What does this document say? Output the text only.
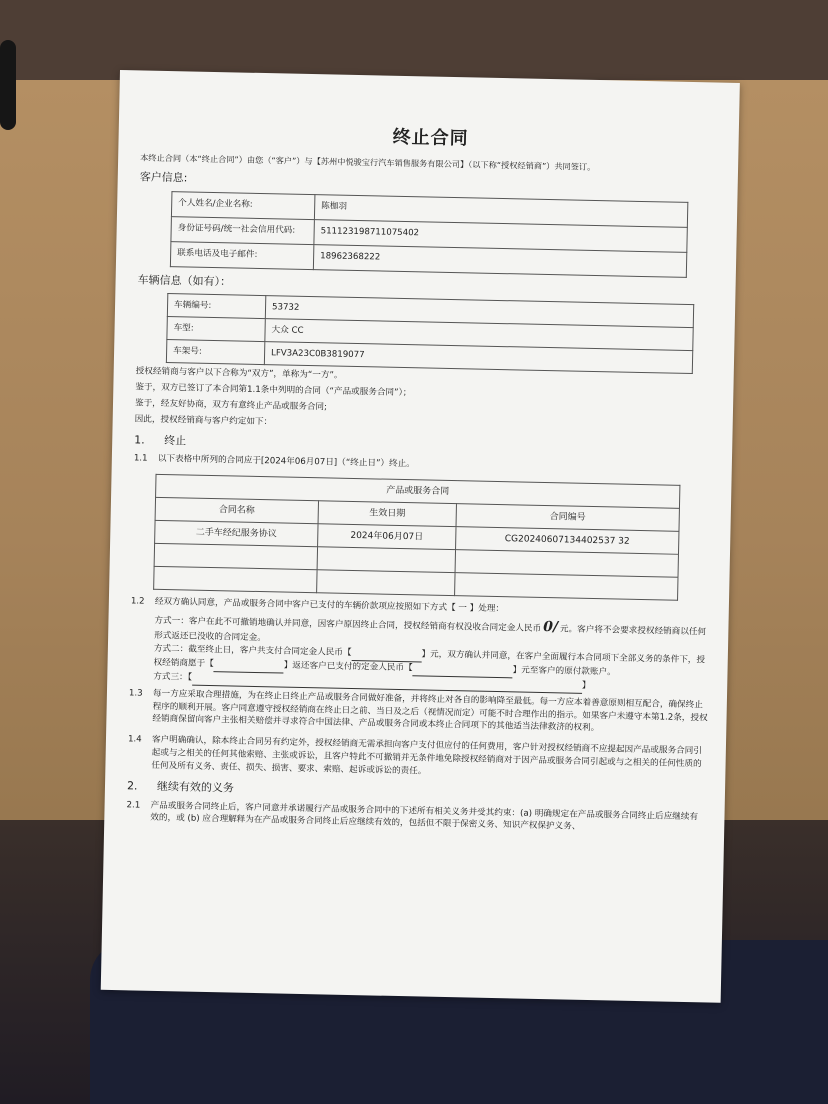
终止合同

本终止合同（本“终止合同”）由您（“客户”）与【苏州中悦骏宝行汽车销售服务有限公司】（以下称“授权经销商”）共同签订。

客户信息:
个人姓名/企业名称:	陈枷羽
身份证号码/统一社会信用代码:	511123198711075402
联系电话及电子邮件:	18962368222
车辆信息（如有）：
车辆编号:	53732
车型:	大众 CC
车架号:	LFV3A23C0B3819077

授权经销商与客户以下合称为“双方”，单称为“一方”。

鉴于，双方已签订了本合同第1.1条中列明的合同（“产品或服务合同”）；

鉴于，经友好协商，双方有意终止产品或服务合同;

因此，授权经销商与客户约定如下：

1. 终止
1.1	以下表格中所列的合同应于[2024年06月07日]（“终止日”）终止。
产品或服务合同		
合同名称	生效日期	合同编号
二手车经纪服务协议	2024年06月07日	CG20240607134402537 32

1.2	经双方确认同意，产品或服务合同中客户已支付的车辆价款项应按照如下方式【 一 】处理：
方式一：客户在此不可撤销地确认并同意，因客户原因终止合同，授权经销商有权没收合同定金人民币 0/ 元。客户将不会要求授权经销商以任何形式返还已没收的合同定金。
方式二：截至终止日，客户共支付合同定金人民币【	】元，双方确认并同意，在客户全面履行本合同项下全部义务的条件下，授权经销商愿于【	】返还客户已支付的定金人民币【	】元至客户的原付款账户。
方式三：【 】
1.3	每一方应采取合理措施，为在终止日终止产品或服务合同做好准备，并将终止对各自的影响降至最低。每一方应本着善意原则相互配合，确保终止程序的顺利开展。客户同意遵守授权经销商在终止日之前、当日及之后（视情况而定）可能不时合理作出的指示。如果客户未遵守本第1.2条，授权经销商保留向客户主张相关赔偿并寻求符合中国法律、产品或服务合同或本终止合同项下的其他适当法律救济的权利。
1.4	客户明确确认，除本终止合同另有约定外，授权经销商无需承担向客户支付但应付的任何费用，客户针对授权经销商不应提起因产品或服务合同引起或与之相关的任何其他索赔、主张或诉讼，且客户特此不可撤销并无条件地免除授权经销商对于因产品或服务合同引起或与之相关的任何性质的任何及所有义务、责任、损失、损害、要求、索赔、起诉或诉讼的责任。
2. 继续有效的义务
2.1	产品或服务合同终止后，客户同意并承诺履行产品或服务合同中的下述所有相关义务并受其约束：(a) 明确规定在产品或服务合同终止后应继续有效的，或 (b) 应合理解释为在产品或服务合同终止后应继续有效的，包括但不限于保密义务、知识产权保护义务、
